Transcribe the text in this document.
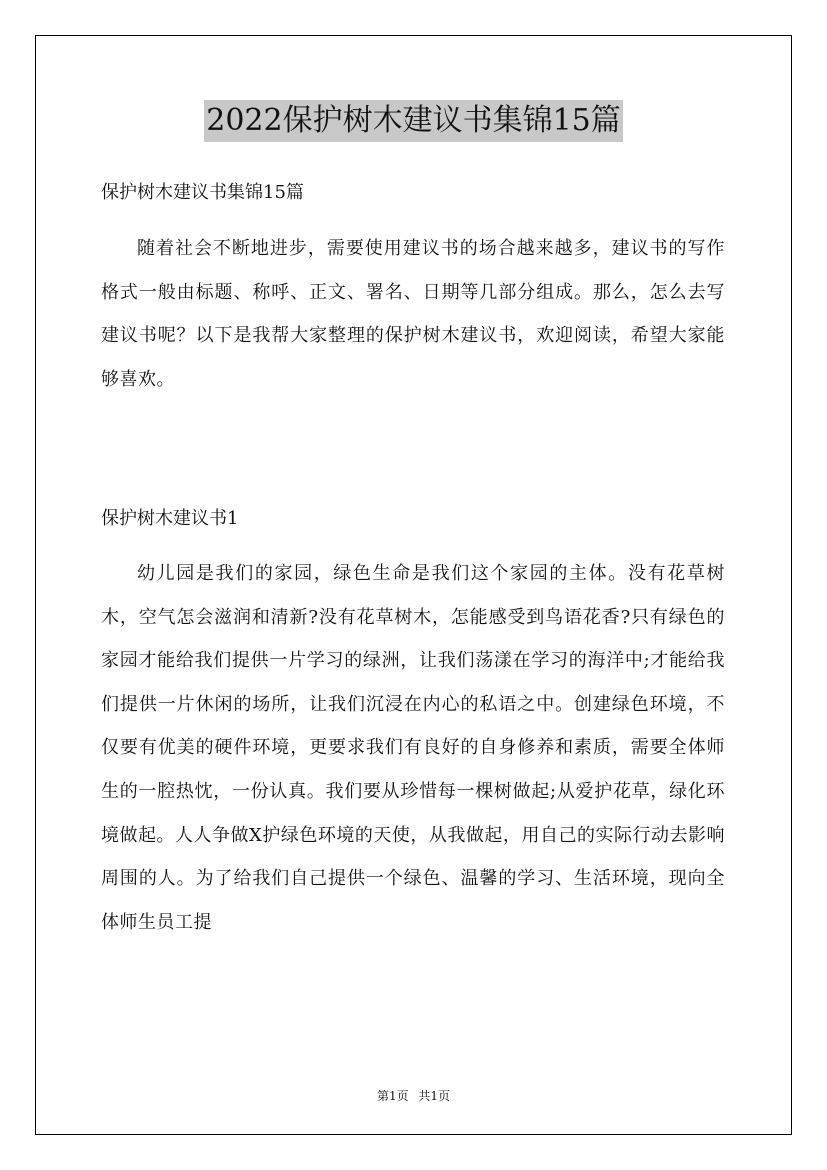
2022保护树木建议书集锦15篇
保护树木建议书集锦15篇
随着社会不断地进步，需要使用建议书的场合越来越多，建议书的写作格式一般由标题、称呼、正文、署名、日期等几部分组成。那么，怎么去写建议书呢？以下是我帮大家整理的保护树木建议书，欢迎阅读，希望大家能够喜欢。
保护树木建议书1
幼儿园是我们的家园，绿色生命是我们这个家园的主体。没有花草树木，空气怎会滋润和清新?没有花草树木，怎能感受到鸟语花香?只有绿色的家园才能给我们提供一片学习的绿洲，让我们荡漾在学习的海洋中;才能给我们提供一片休闲的场所，让我们沉浸在内心的私语之中。创建绿色环境，不仅要有优美的硬件环境，更要求我们有良好的自身修养和素质，需要全体师生的一腔热忱，一份认真。我们要从珍惜每一棵树做起;从爱护花草，绿化环境做起。人人争做X护绿色环境的天使，从我做起，用自己的实际行动去影响周围的人。为了给我们自己提供一个绿色、温馨的学习、生活环境，现向全体师生员工提
第1页 共1页
